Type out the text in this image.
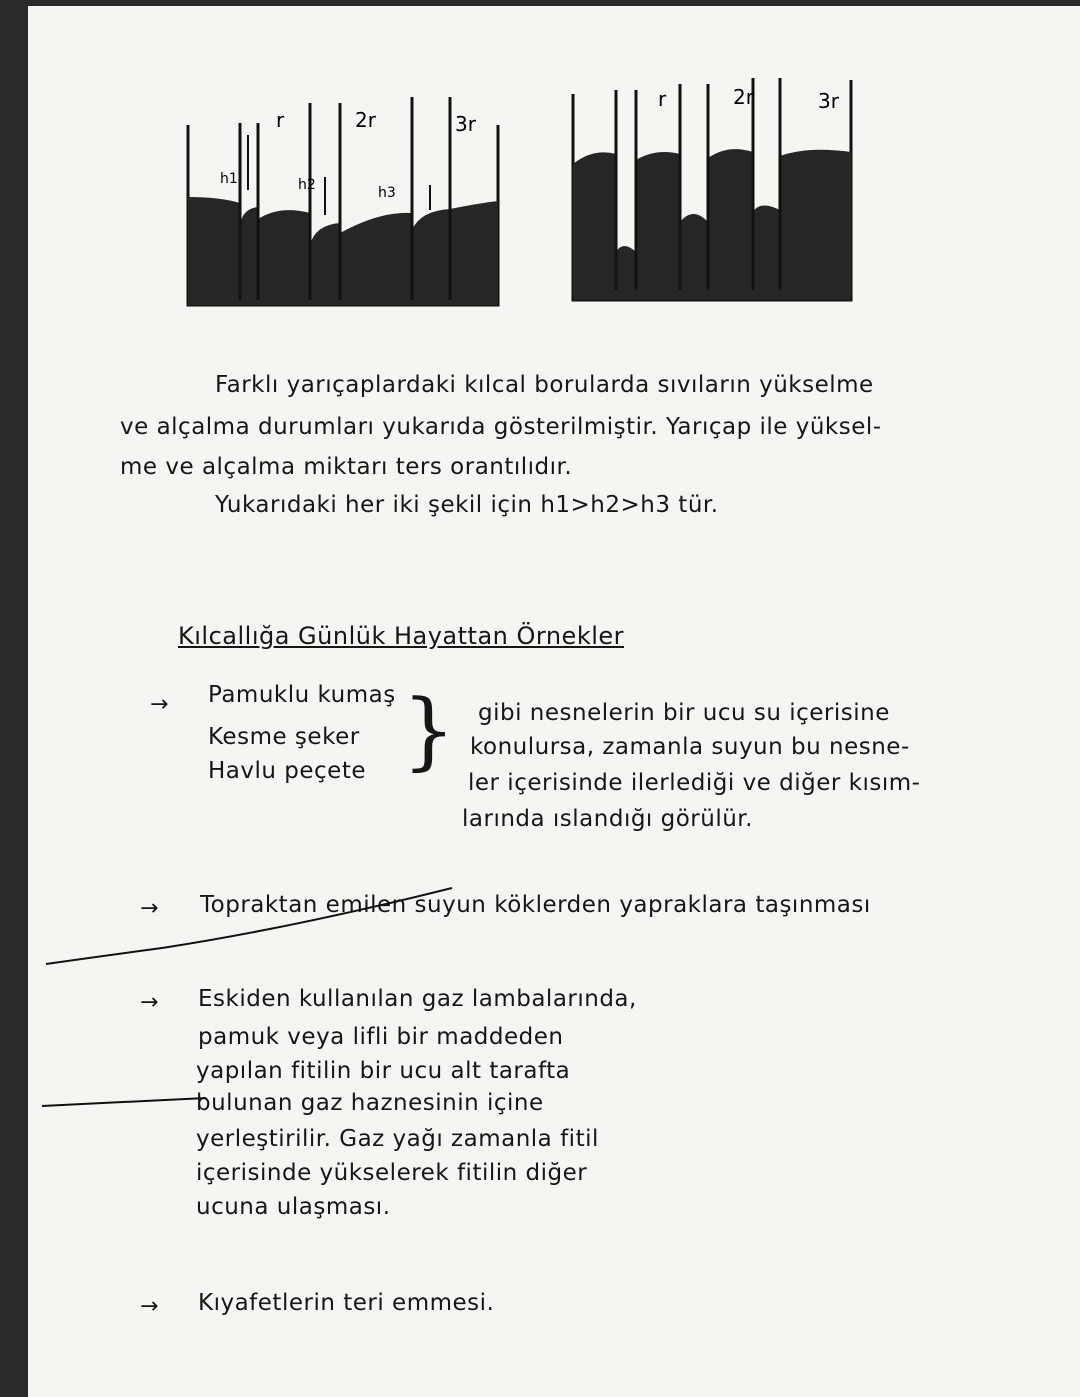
r	2r	3r
h1	h2	h3
r	2r	3r
Farklı yarıçaplardaki kılcal borularda sıvıların yükselme
ve alçalma durumları yukarıda gösterilmiştir. Yarıçap ile yüksel-
me ve alçalma miktarı ters orantılıdır.
Yukarıdaki her iki şekil için h1>h2>h3 tür.
Kılcallığa Günlük Hayattan Örnekler
→ Pamuklu kumaş
Kesme şeker
Havlu peçete } gibi nesnelerin bir ucu su içerisine
konulursa, zamanla suyun bu nesne-
ler içerisinde ilerlediği ve diğer kısım-
larında ıslandığı görülür.
→ Topraktan emilen suyun köklerden yapraklara taşınması
→ Eskiden kullanılan gaz lambalarında,
pamuk veya lifli bir maddeden
yapılan fitilin bir ucu alt tarafta
bulunan gaz haznesinin içine
yerleştirilir. Gaz yağı zamanla fitil
içerisinde yükselerek fitilin diğer
ucuna ulaşması.
→ Kıyafetlerin teri emmesi.
